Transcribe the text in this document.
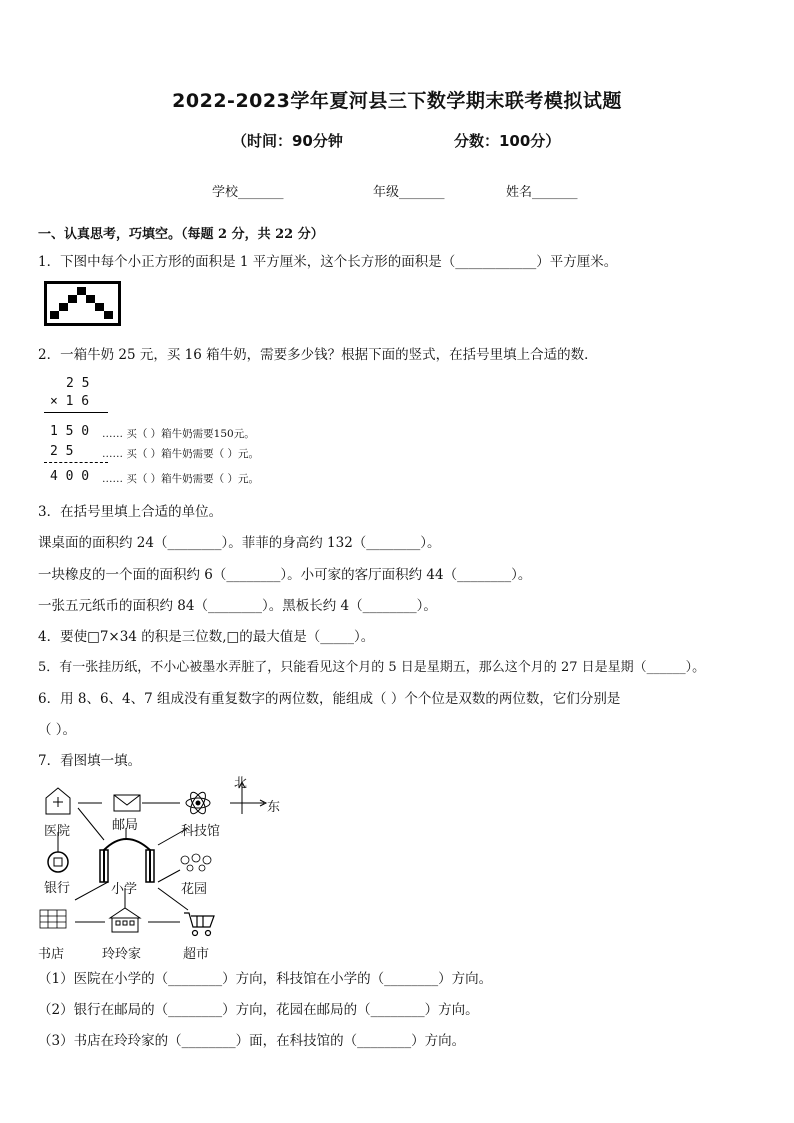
2022-2023学年夏河县三下数学期末联考模拟试题
（时间：90分钟	分数：100分）
学校_______	年级_______	姓名_______
一、认真思考，巧填空。（每题 2 分，共 22 分）
1．下图中每个小正方形的面积是 1 平方厘米，这个长方形的面积是（____________）平方厘米。
2．一箱牛奶 25 元，买 16 箱牛奶，需要多少钱？根据下面的竖式，在括号里填上合适的数．
2 5
× 1 6
1 5 0 …… 买（ ）箱牛奶需要150元。
2 5	…… 买（ ）箱牛奶需要（ ）元。
4 0 0 …… 买（ ）箱牛奶需要（ ）元。
3．在括号里填上合适的单位。
课桌面的面积约 24（________）。菲菲的身高约 132（________）。
一块橡皮的一个面的面积约 6（________）。小可家的客厅面积约 44（________）。
一张五元纸币的面积约 84（________）。黑板长约 4（________）。
4．要使□7×34 的积是三位数,□的最大值是（_____）。
5．有一张挂历纸，不小心被墨水弄脏了，只能看见这个月的 5 日是星期五，那么这个月的 27 日是星期（______）。
6．用 8、6、4、7 组成没有重复数字的两位数，能组成（ ）个个位是双数的两位数，它们分别是
（ ）。
7．看图填一填。
北
东
医院	邮局	科技馆
银行	小学	花园
书店	玲玲家	超市
（1）医院在小学的（________）方向，科技馆在小学的（________）方向。
（2）银行在邮局的（________）方向，花园在邮局的（________）方向。
（3）书店在玲玲家的（________）面，在科技馆的（________）方向。
